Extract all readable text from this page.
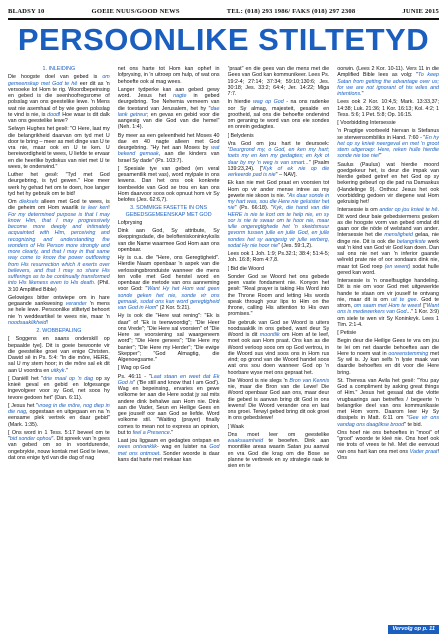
BLADSY 10	GOEIE NUUS/GOOD NEWS	TEL: (018) 293 1986/ FAKS (018) 297 2308	JUNIE 2015
PERSOONLIKE STILTETYD

1. INLEIDING

Die hoogste doel van gebed is om gemeenskap met God te hê eer dit as 'n versoeke lot Hom te rig. Woordbepeinsing en gebed is die seenhoofregsrome of polsslag van ons geestelike lewe. 'n Mens wat nie asemhaal of by wie geen polsslag te vind is nie, is dood! Hoe waar is dit dalk van ons geestelike lewe?

Selwyn Hughes het gesê: "O Here, laat my die belangrikheid daarvan om tyd met U door te bring – meer as met dinge van U te vra nie, maar ook en U te ken. U bereiwordigheid te wees, U liefde te ervaar en die heerlike bydiskus van niet met U te wees, te onderwind."

Luther het gesê: "Tyd met God deurgebring, is tyd gewen." Hoe meer werk hy gehad het om te doen, hoe langer tyd het hy gebruik om te bid!

Om dieksels alleen met God te wees, is die geheim om Hom waarlik te leer ken! For my determined purpose is that I may know Him, that I may progressively become more deeply and intimately acquainted with Him, perceiving and recognizing and understanding the wonders of His Person more strongly and more clearly, and that I may in that same way come to know the power outflowing from His resurrection which it exerts over believers, and that I may so share His sufferings as to be continually transformed into His likeness even to His death. (Phil. 3:10 Amplified Bible)

Gelowiges bitter ontwiepe om in hare gegaande sankwesing verander 'n mens se hele lewe. Persoonlike stiltetyd behoort nie 'n weddeartikel te wees nie, maar 'n noodsaaklikheid!

2. WOBBEPALING

[ Soggens en saans onderskill op bepaalde tye]. Dit is goeie bewoonte vir die geestelike groei van enige Christen. Dawid sê in Ps. 5:4: "In die môre, HERE, sal U my stem hoor; in die môre sal ek dit aan U voordra en uitkyk."

[ Daniëll het "drie maal op 'n dag op sy knieë geval en gebid en lofgesange ingevolgeer voor sy God, net soos hy tevore gedoen het" (Dan. 6:11).

[ Jesus het "vroeg in die môre, nog diep in die nag, opgestaan en uitgegaan en na 'n eensame plek vertrek en daar gebid" (Mark. 1:35).

[ Ons word in 1 Tess. 5:17 beveel om te "bid sonder ophou". Dit spreek van 'n gees van gebed om so in voortdurende, ongebrykte, nouw kontak met God te lewe, dat ons enige tyd van die dag of nag

net ons harte tot Hom kan ophef in lofprysing, in 'n uitroep om hulp, of wat ons behoefte ook al mag wees.

Langer tydperke kan aan gebed gewy word. Jesus het nagte in gebed deurgebring. Toe Nehemia verneem van die toestand van Jerusalem, het hy "dae lank getreur; en gevas en gebid voor die aangesig van die God van die hemel" (Neh. 1:4).

By meer as een geleentheid het Moses 40 dae en 40 nagte alleen met God deurgebring. "Hy het aan Moses by wat bekend gemaak, aan die kinders van Israel Sy dade" (Ps. 103:7).

[ Spesiale tye van gebed (en veral gesamentlik met vas), word mylpale in ons lewens. Dan het ons ook konkrete toenbeelde van God se trou en kan ons Hom daarvoor soos ook opnuut hom vir Sy belofes (Jes. 62:6,7).

3. SOMMIGE FASETTE IN ONS GEBEDSGEMEENSKAP MET GOD

Lofprysing

Dink aan God, Sy attribute, Sy skeppingsdade, die belofteniskoninkrykslis van die Name waarmee God Hom aan ons openbaar.

Hy is o.a. die "Here, ons Geregtigheid". Hierdie Naam openbaar 'n aspek van die verlossingsbronduiste wanneer die mens ten volle met God herstel word en openbaar die metode van ons aanneming voor God: "Want Hy het Hom wat geen sonde geken het nie, sonde vir ons gemaak, sodat ons kan word geregtigheid van God in Hom" (2 Kor. 5:21).

Hy is ook die "Here wat rening": "Ek is daar" of "Ek is teenwoordig"; "Die Heer ons Vrede"; "Die Here sal voorsien" of "Die Here se voorsiening sal waargeneem word"; "Die Here genees"; "Die Here my banier"; "Die Here my Herder"; "Die ewige Skepper"; "God Almagtig, die Algenoegsame."

[ Wag op God

Ps. 46:11 - "Laat staan en weet dat Ek God is" ('Be still and know that I am God'). Wag en bepeinsing, ervaries en gewe volkome ter aan die Here sodat jy sal mits andere dink behalwe aan Hom nie. Dink aan die Vader, Seun en Heilige Gees en gee jouself oor aan God se liefde. Word volkome stil. "Waiting (prayer) finally comes to mean not to express an opinion, but to feel a Presence."

Laat jou liggaam en gedagtes ontspan en wees ontvanklik- wag en luister na God met ons ontmoet. Sonder woorde is daar kans dat harte met mekaar kan

"praat" en die gees van die mens met die Gees van God kan kommunikeer. Lees Ps. 19:2-4; 27:14; 37:34; 59:10;130:6; Jes. 30:18; Jes. 33:2; 64:4; Jer. 14:22; Miga 7:7.

In hierdie wag op God - na ons radenke oor Sy almag, majesteit, gesalde en grootheid, sal ons die behoefte ondervind om geraning te word van ons eie sondes en onrein gedagtes.

[ Belydenis

Vra God om jou hart te deursoek: "Deurgrond my, o God, en ken my hart; toets my en ken my gedagtes; en kyk of daar by my 'n weg is van smart..." (Psalm 139:23,24). ["Kyk of ek nie op die verkeerde pad is nie" – NAV].

Ek kan nie met God praat en voorsien tot Hom op vir ander mense intree as my gewete nie skoon is nie. "As daar sonde in my hart was, sou die Here nie geluister het nie" (Ps. 66:18). "Kyk, die hand van die HERE is nie te kort om te help nie, en sy oor is nie te swaar om te hoor nie, maar julle ongeregtighede het 'n skeidsmuur gevorm tussen julle en julle God, en julle sondes het sy aangesig vir julle verberg, sodat Hy nie hoor nie" (Jes. 59:1,2).

Lees ook 1 Joh. 1:9; Ps.32:1; 38:4; 51:4-5; Joh. 16:8; Rom 4:7,8.

[ Bid die Woord

Sonder God se Woord het ons gebede geen vaste fondament nie. Konyon het gesê: "Real prayer is taking His Word into the Throne Room and letting His words speak through your lips to Him on the throne, calling His attention to His own promises."

Die gebruik van God se Woord is uiters noodsaaklik in ons gebed, want deur Sy Woord is dit moontlik om Hom af te leef, moet ook aan Hom praat. Ons kan as die Woord verloop soos om op God vertrou, in die Woord sus vind soos ons in Hom rus vind; op grond van die Woord handel soos wat ons sou doen wanneer God op 'n hoorbare wyse met ons gepraat het.

Die Woord is nie slegs 'n Bron van Kennis nie, maar die Bron van die Lewe! Die Woord openbaar God aan ons, maar deur die gebed is aanvan bring dit God in ons lewens! Die Woord verander ons en laat ons groei. Terwyl gebed bring dit ook groei in ons gebedslewe!

[ Waak

Ons moet leer om geestelike waaksaamheid te beoefen. Dink aan moontlike areas waarin Satan jou aanval en vra God die krag om die Bose se planne te verbreek en sy strategie raak te sien en te

oorwin. (Lees 2 Kor. 10-11). Vers 11 in die Amplified Bible lees as volg: "To keep Satan from getting the advantage over us; for we are not ignorant of his wiles and intentions."

Lees ook 2 Kor. 10:4,5; Mark. 13:33,37; 14:38; Luk. 21:36; 1 Kor. 16:13; Kol. 4:2; 1 Tess. 5:6; 1 Pet. 5:8; Op. 16:15.

[ Voorbidding Intersessie

'n Pragtige voorbeeld hiervan is Stefanus se sterwensombiliks in Hand. 7:60 - "En hy het op sy knieë neergeval en met 'n groot stem uitgeroep: Here, reken hulle hierdie sonde nie toe nie!"

Saulus (Paulus) wat hierdie moord goedgekeur het, is deur die impak van hierdie gebed getref en het God op sy bekering gebeurl op die pad na Damaskus (Handelinge 9). Onthou: Jesus het ook voorbidding gedoen vir diegene wat Hom gekruisig het!

Intersessie is om ander op jou knieë te hê. Dit word deur baie gebedsiermens gesken as die hoogste vorm van gebed omdat dit gaan oor die nöde of welstand van ander. Intersessie het die mensligheid gelaa, nie dinge nie. Dit is ook die belangrikste werk wat 'n kind van God vir God kan doen. Dan sal ons nie net van 'n inferior gaande wêreld prate nie of oor sondaars dink nie, maar tot God roep (en weent) sodat hulle gered kan word.

Intersessie is 'n onselfsugtige handeling. Dit is nie om voor God met uitgewerkte hande te staan om vir jouself te ontvang nie, maar dit is om uit te gee. God te strom, om saam met Hom te wees! ["Want ons is medewerkers van God..." 1 Kor. 3:9) om siele te wen vir Sy Koninkryk. Lees 1 Tim. 2:1-4.

[ Petisie

Begin deur die Heilige Gees te vra om jou te lei om net daardie behoeftes aan die Here to noem wat in ooreenstemming met Sy wil is. Jy kan selfs 'n lysie maak van daardie behoeftes en dit voor die Here bring.

St. Theresa van Avila het gesê: "You pay God a compliment by asking great things of Him." Jesus het gesaal dat die vlotte vrugbaarings aan betreffes / begeerte 'n belangrike deel van ons kommunikasie met Hom vorm. Daarom leer Hy Sy dissipels in Matt. 6:11 om "Gee vir ons vandag ons daaglikse brood" te bid.

Ons hoef nie ons behoeftes in "mooi" of "groot" woorde te kleé nie. Ons hoef ook nie trots of vrees te hê. Met die eenvoud van ons hart kan ons met ons Vader praat! Ons

Vervolg op p. 11
